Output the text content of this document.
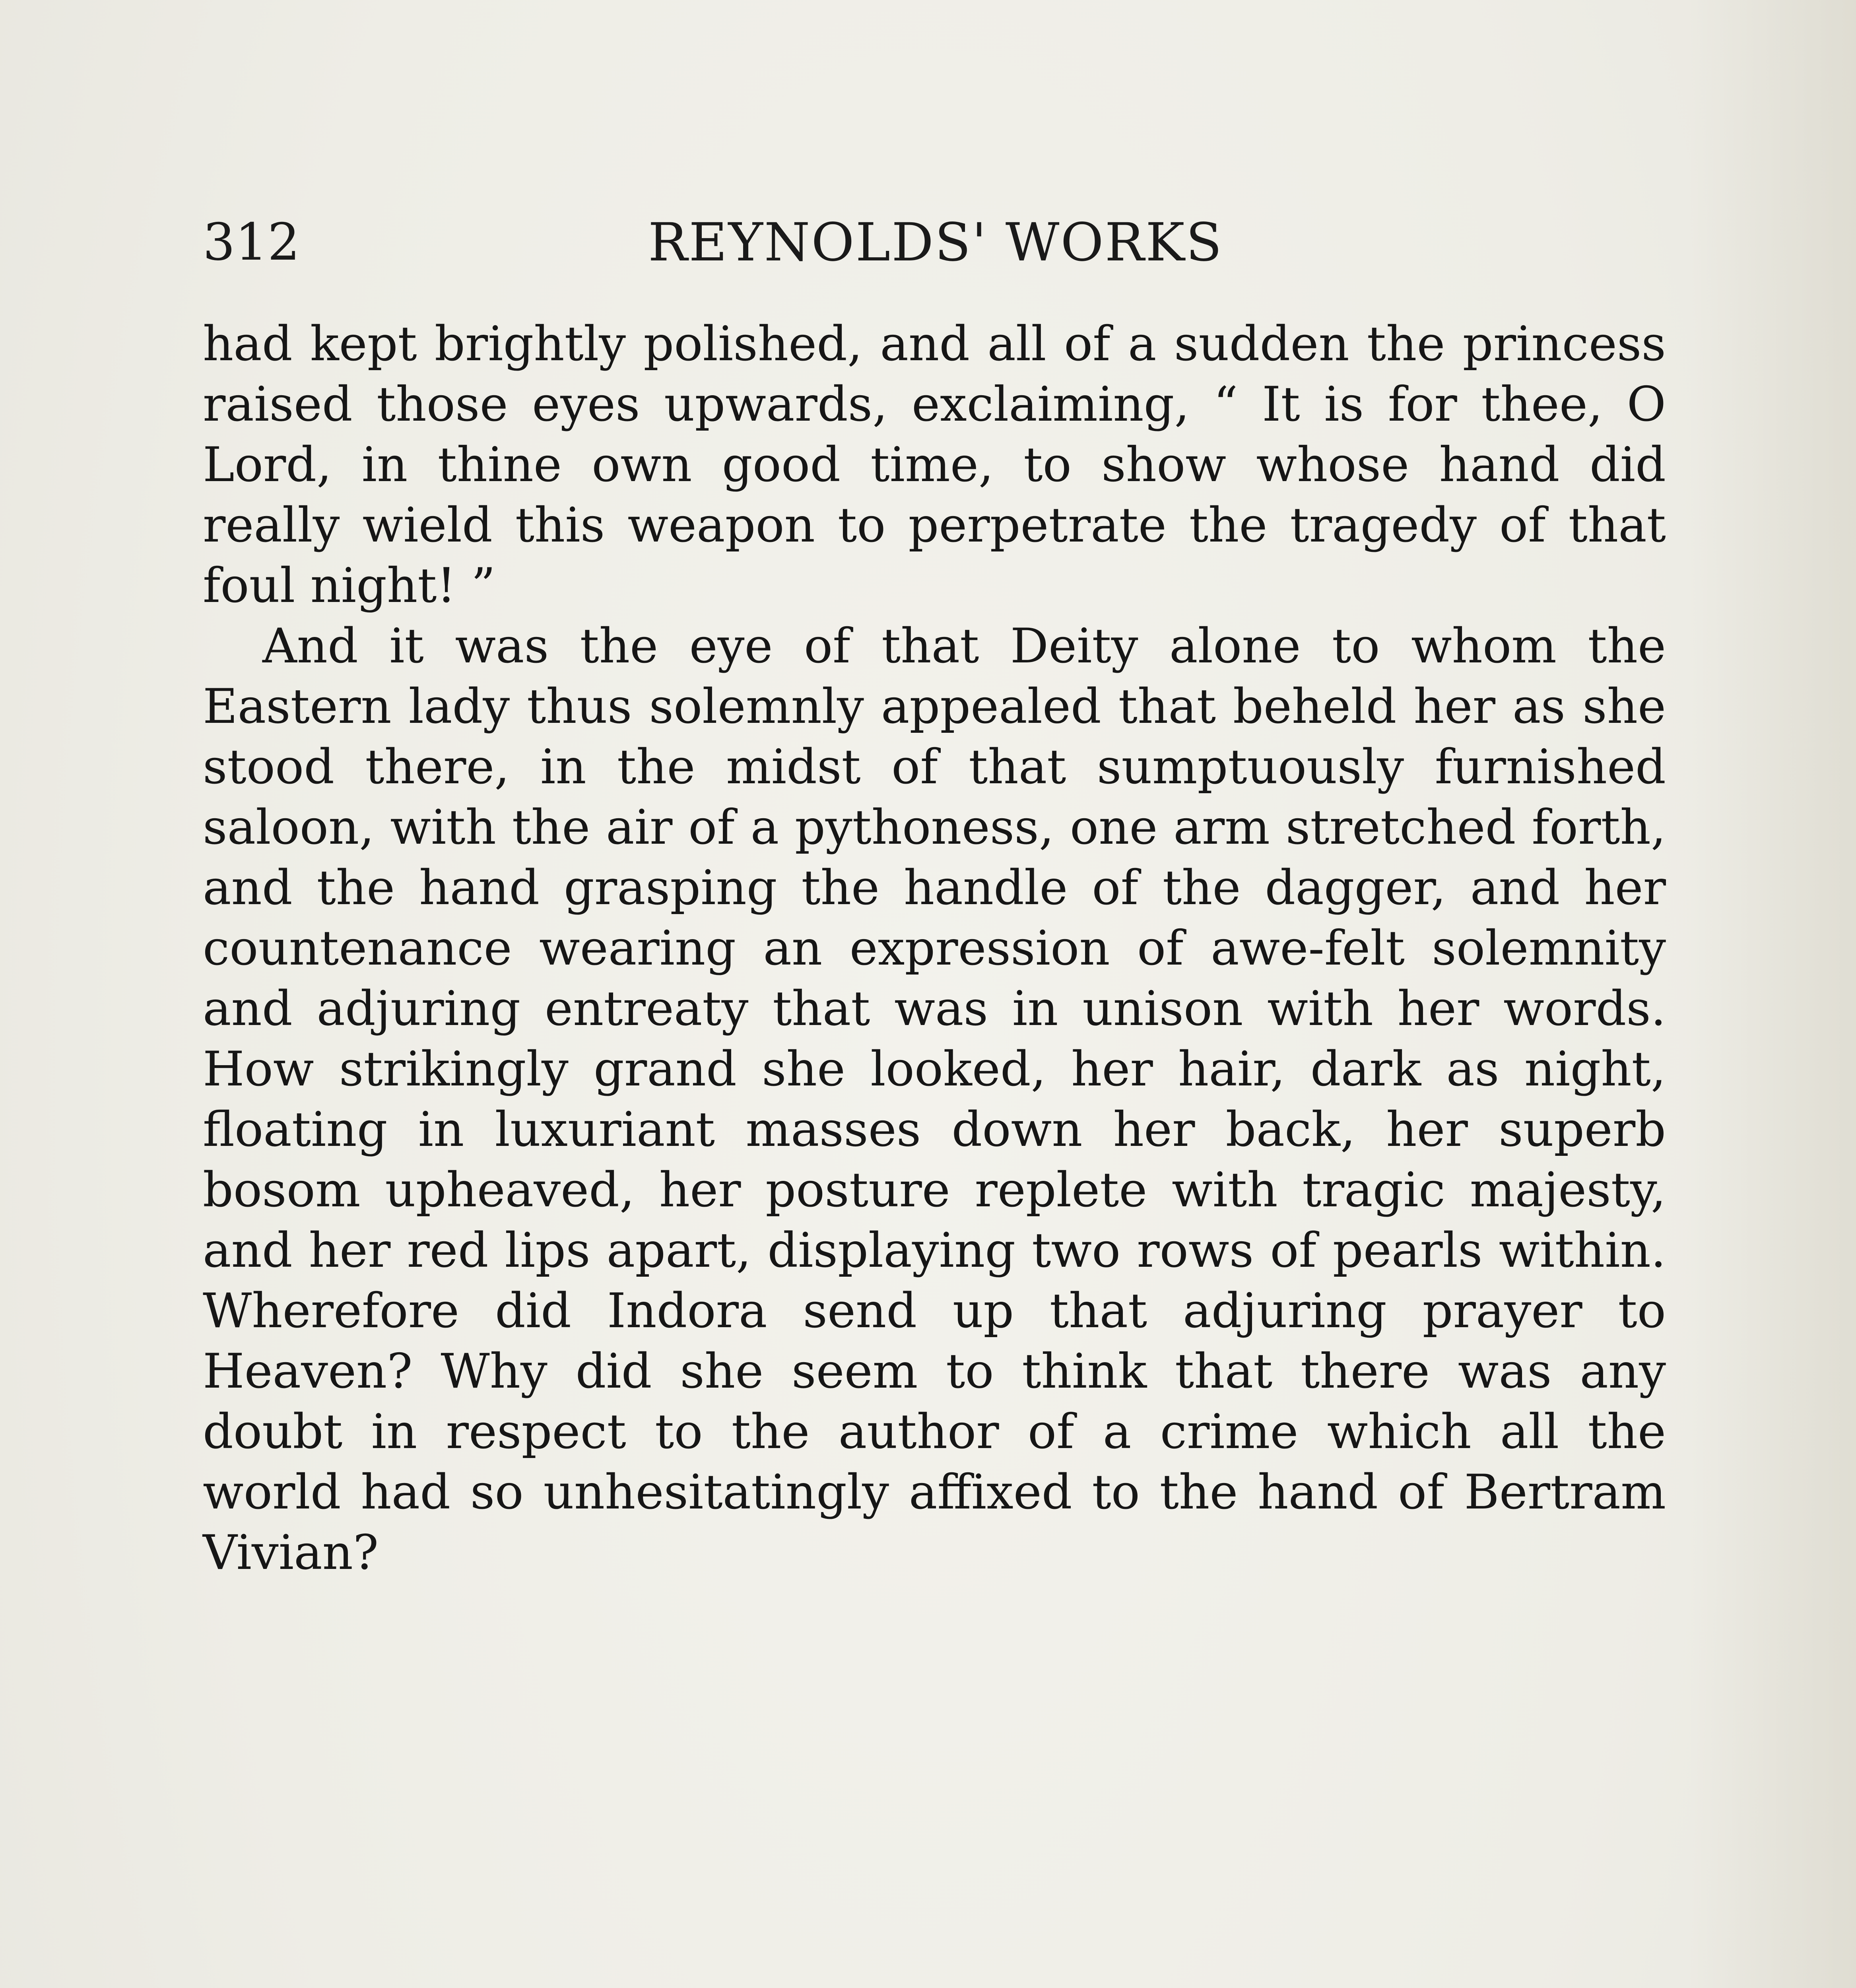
312	REYNOLDS' WORKS

had kept brightly polished, and all of a sudden the princess raised those eyes upwards, exclaiming, “ It is for thee, O Lord, in thine own good time, to show whose hand did really wield this weapon to perpetrate the tragedy of that foul night! ”

And it was the eye of that Deity alone to whom the Eastern lady thus solemnly appealed that beheld her as she stood there, in the midst of that sumptuously furnished saloon, with the air of a pythoness, one arm stretched forth, and the hand grasping the handle of the dagger, and her countenance wearing an expression of awe-felt solemnity and adjuring entreaty that was in unison with her words. How strikingly grand she looked, her hair, dark as night, floating in luxuriant masses down her back, her superb bosom upheaved, her posture replete with tragic majesty, and her red lips apart, displaying two rows of pearls within. Wherefore did Indora send up that adjuring prayer to Heaven? Why did she seem to think that there was any doubt in respect to the author of a crime which all the world had so unhesitatingly affixed to the hand of Bertram Vivian?
